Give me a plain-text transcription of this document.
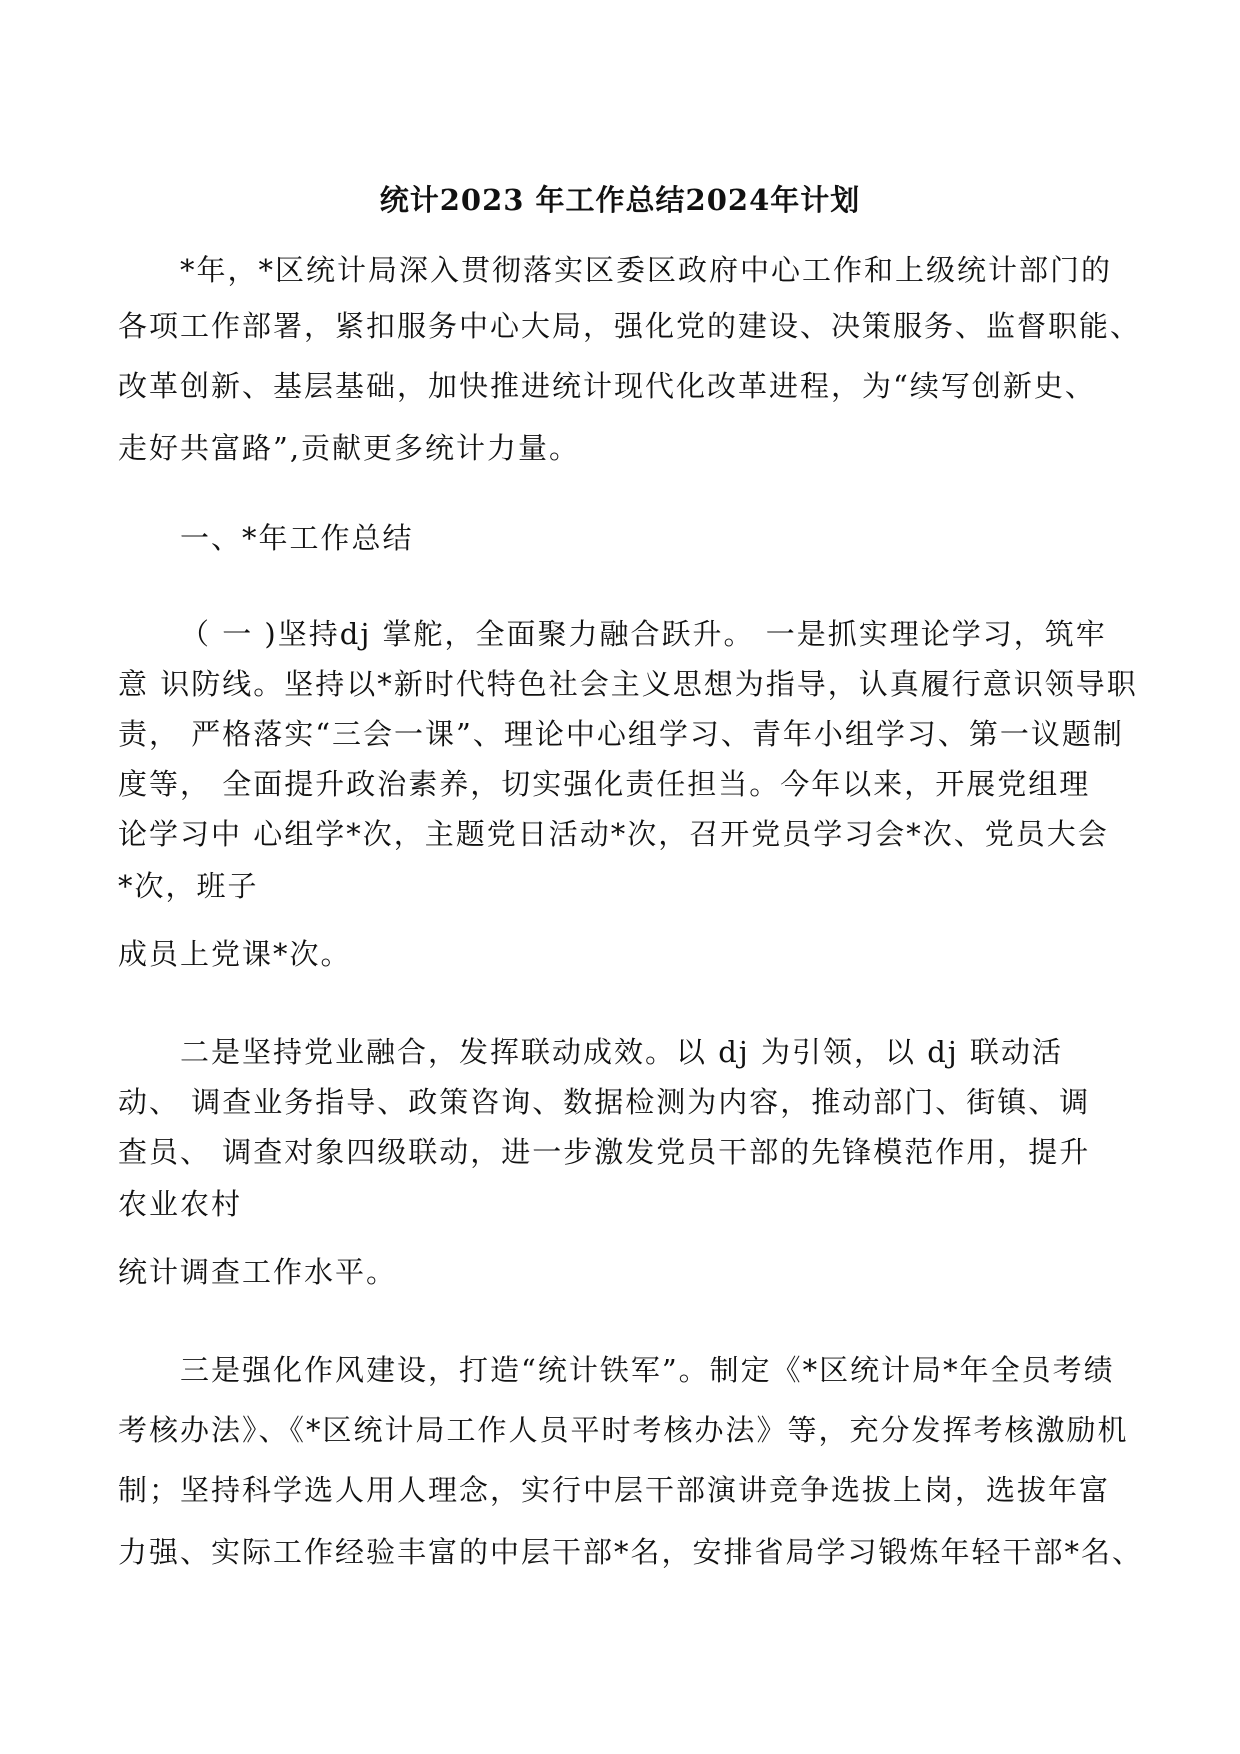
统计2023 年工作总结2024年计划
*年，*区统计局深入贯彻落实区委区政府中心工作和上级统计部门的
各项工作部署，紧扣服务中心大局，强化党的建设、决策服务、监督职能、
改革创新、基层基础，加快推进统计现代化改革进程，为“续写创新史、
走好共富路”,贡献更多统计力量。
一、*年工作总结
（ 一 )坚持dj 掌舵，全面聚力融合跃升。 一是抓实理论学习，筑牢
意 识防线。坚持以*新时代特色社会主义思想为指导，认真履行意识领导职
责， 严格落实“三会一课”、理论中心组学习、青年小组学习、第一议题制
度等， 全面提升政治素养，切实强化责任担当。今年以来，开展党组理
论学习中 心组学*次，主题党日活动*次，召开党员学习会*次、党员大会
*次，班子
成员上党课*次。
二是坚持党业融合，发挥联动成效。以 dj 为引领，以 dj 联动活
动、 调查业务指导、政策咨询、数据检测为内容，推动部门、街镇、调
查员、 调查对象四级联动，进一步激发党员干部的先锋模范作用，提升
农业农村
统计调查工作水平。
三是强化作风建设，打造“统计铁军”。制定《*区统计局*年全员考绩
考核办法》、《*区统计局工作人员平时考核办法》等，充分发挥考核激励机
制；坚持科学选人用人理念，实行中层干部演讲竞争选拔上岗，选拔年富
力强、实际工作经验丰富的中层干部*名，安排省局学习锻炼年轻干部*名、
